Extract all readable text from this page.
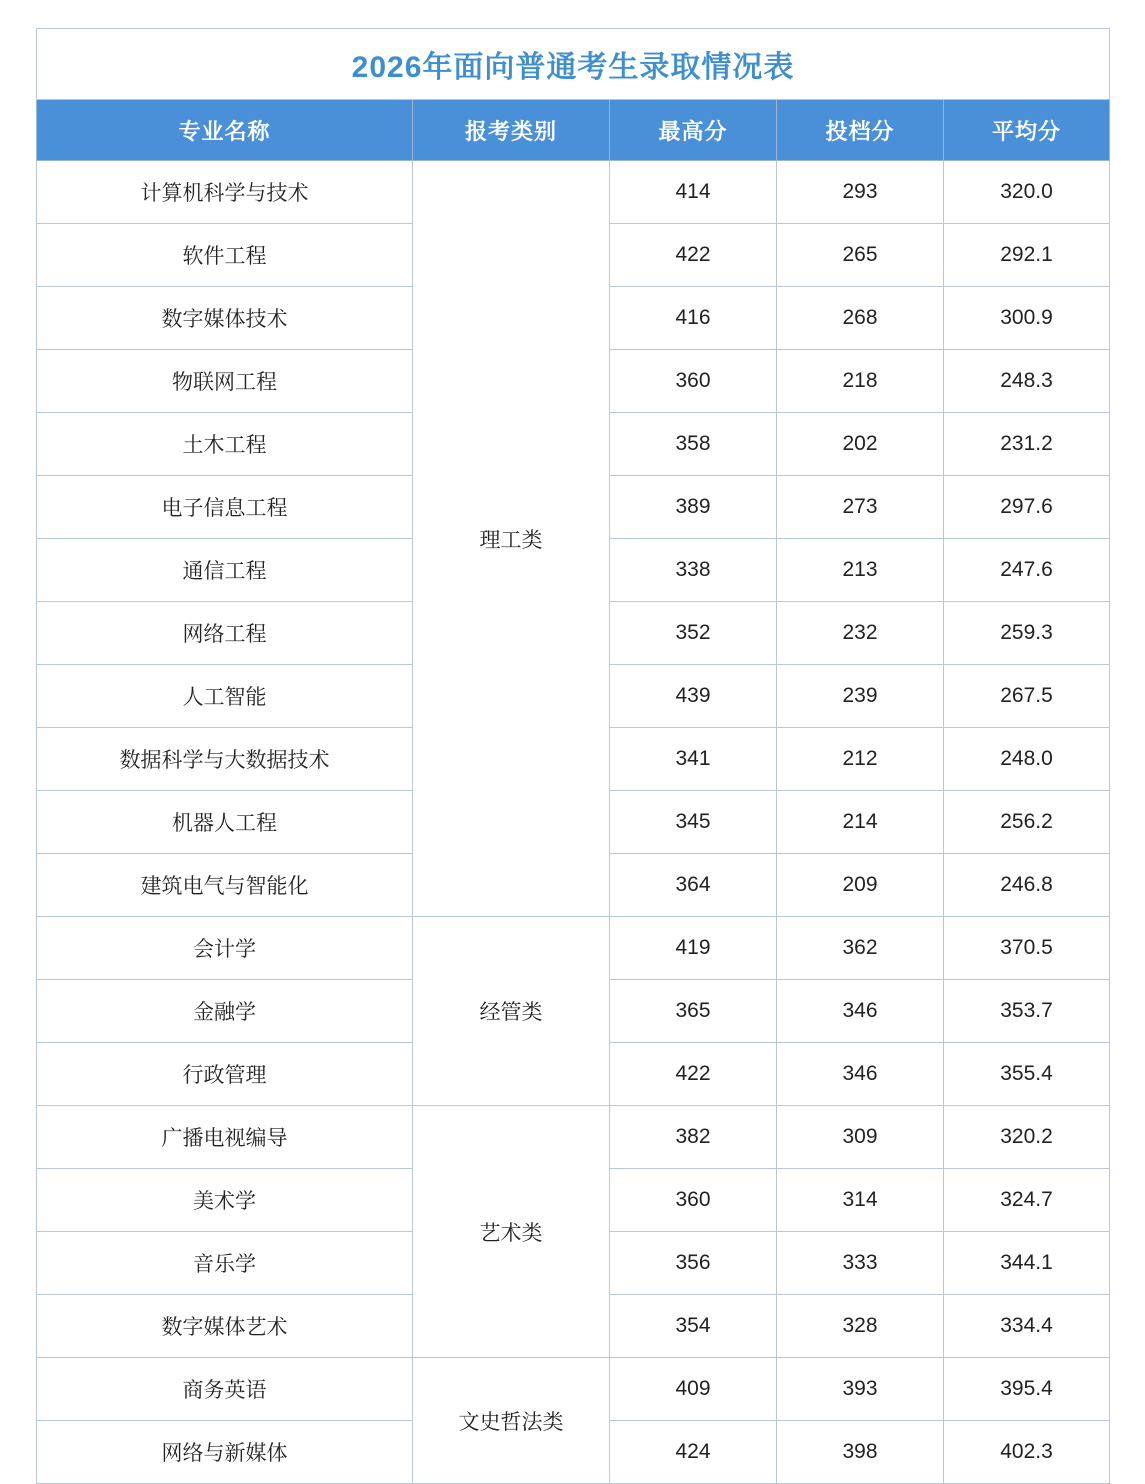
2026年面向普通考生录取情况表				
专业名称	报考类别	最高分	投档分	平均分
计算机科学与技术	理工类	414	293	320.0
软件工程		422	265	292.1
数字媒体技术		416	268	300.9
物联网工程		360	218	248.3
土木工程		358	202	231.2
电子信息工程		389	273	297.6
通信工程		338	213	247.6
网络工程		352	232	259.3
人工智能		439	239	267.5
数据科学与大数据技术		341	212	248.0
机器人工程		345	214	256.2
建筑电气与智能化		364	209	246.8
会计学	经管类	419	362	370.5
金融学		365	346	353.7
行政管理		422	346	355.4
广播电视编导	艺术类	382	309	320.2
美术学		360	314	324.7
音乐学		356	333	344.1
数字媒体艺术		354	328	334.4
商务英语	文史哲法类	409	393	395.4
网络与新媒体		424	398	402.3
